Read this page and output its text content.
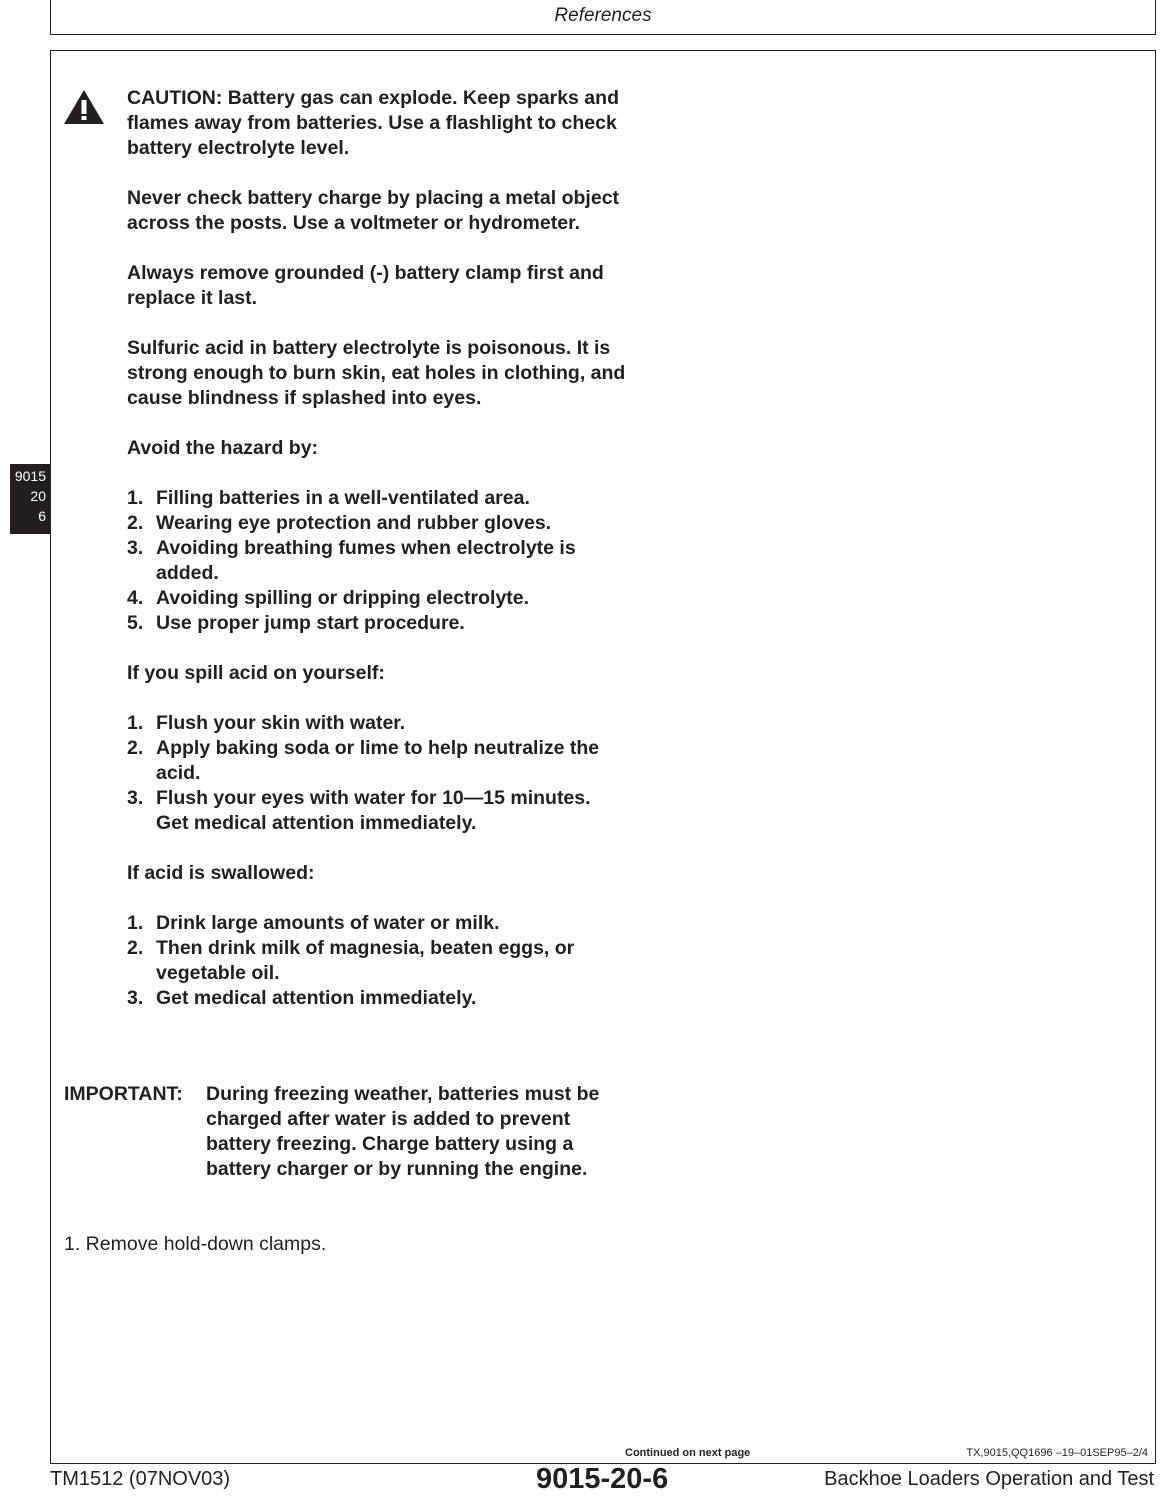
References
9015
20
6

CAUTION: Battery gas can explode. Keep sparks and flames away from batteries. Use a flashlight to check battery electrolyte level.

Never check battery charge by placing a metal object across the posts. Use a voltmeter or hydrometer.

Always remove grounded (-) battery clamp first and replace it last.

Sulfuric acid in battery electrolyte is poisonous. It is strong enough to burn skin, eat holes in clothing, and cause blindness if splashed into eyes.

Avoid the hazard by:

1. Filling batteries in a well-ventilated area.
2. Wearing eye protection and rubber gloves.
3. Avoiding breathing fumes when electrolyte is added.
4. Avoiding spilling or dripping electrolyte.
5. Use proper jump start procedure.

If you spill acid on yourself:

1. Flush your skin with water.
2. Apply baking soda or lime to help neutralize the acid.
3. Flush your eyes with water for 10—15 minutes. Get medical attention immediately.

If acid is swallowed:

1. Drink large amounts of water or milk.
2. Then drink milk of magnesia, beaten eggs, or vegetable oil.
3. Get medical attention immediately.
IMPORTANT: During freezing weather, batteries must be charged after water is added to prevent battery freezing. Charge battery using a battery charger or by running the engine.
1. Remove hold-down clamps.
Continued on next page	TX,9015,QQ1696 –19–01SEP95–2/4
TM1512 (07NOV03)	9015-20-6	Backhoe Loaders Operation and Test
